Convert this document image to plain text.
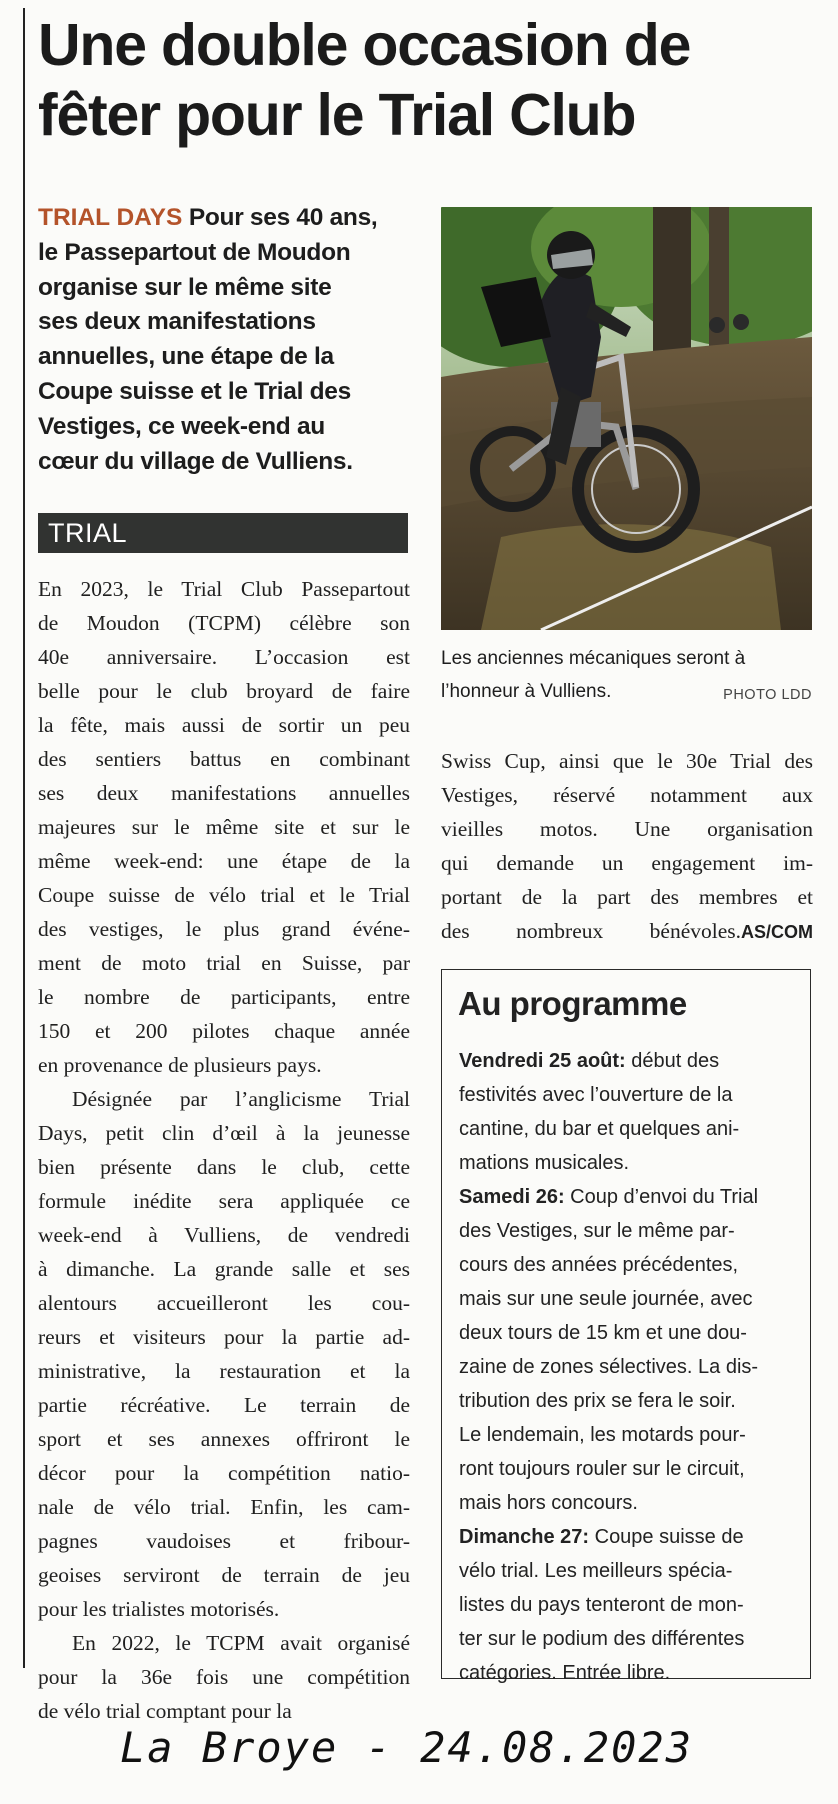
Une double occasion de
fêter pour le Trial Club
TRIAL DAYS Pour ses 40 ans,
le Passepartout de Moudon
organise sur le même site
ses deux manifestations
annuelles, une étape de la
Coupe suisse et le Trial des
Vestiges, ce week-end au
cœur du village de Vulliens.
TRIAL
En 2023, le Trial Club Passepartout
de Moudon (TCPM) célèbre son
40e anniversaire. L’occasion est
belle pour le club broyard de faire
la fête, mais aussi de sortir un peu
des sentiers battus en combinant
ses deux manifestations annuelles
majeures sur le même site et sur le
même week-end: une étape de la
Coupe suisse de vélo trial et le Trial
des vestiges, le plus grand événe-
ment de moto trial en Suisse, par
le nombre de participants, entre
150 et 200 pilotes chaque année
en provenance de plusieurs pays.
Désignée par l’anglicisme Trial
Days, petit clin d’œil à la jeunesse
bien présente dans le club, cette
formule inédite sera appliquée ce
week-end à Vulliens, de vendredi
à dimanche. La grande salle et ses
alentours accueilleront les cou-
reurs et visiteurs pour la partie ad-
ministrative, la restauration et la
partie récréative. Le terrain de
sport et ses annexes offriront le
décor pour la compétition natio-
nale de vélo trial. Enfin, les cam-
pagnes vaudoises et fribour-
geoises serviront de terrain de jeu
pour les trialistes motorisés.
En 2022, le TCPM avait organisé
pour la 36e fois une compétition
de vélo trial comptant pour la
Les anciennes mécaniques seront à
l’honneur à Vulliens.	PHOTO LDD
Swiss Cup, ainsi que le 30e Trial des
Vestiges, réservé notamment aux
vieilles motos. Une organisation
qui demande un engagement im-
portant de la part des membres et
des nombreux bénévoles.AS/COM
Au programme
Vendredi 25 août: début des
festivités avec l’ouverture de la
cantine, du bar et quelques ani-
mations musicales.
Samedi 26: Coup d’envoi du Trial
des Vestiges, sur le même par-
cours des années précédentes,
mais sur une seule journée, avec
deux tours de 15 km et une dou-
zaine de zones sélectives. La dis-
tribution des prix se fera le soir.
Le lendemain, les motards pour-
ront toujours rouler sur le circuit,
mais hors concours.
Dimanche 27: Coupe suisse de
vélo trial. Les meilleurs spécia-
listes du pays tenteront de mon-
ter sur le podium des différentes
catégories. Entrée libre.

La Broye - 24.08.2023
